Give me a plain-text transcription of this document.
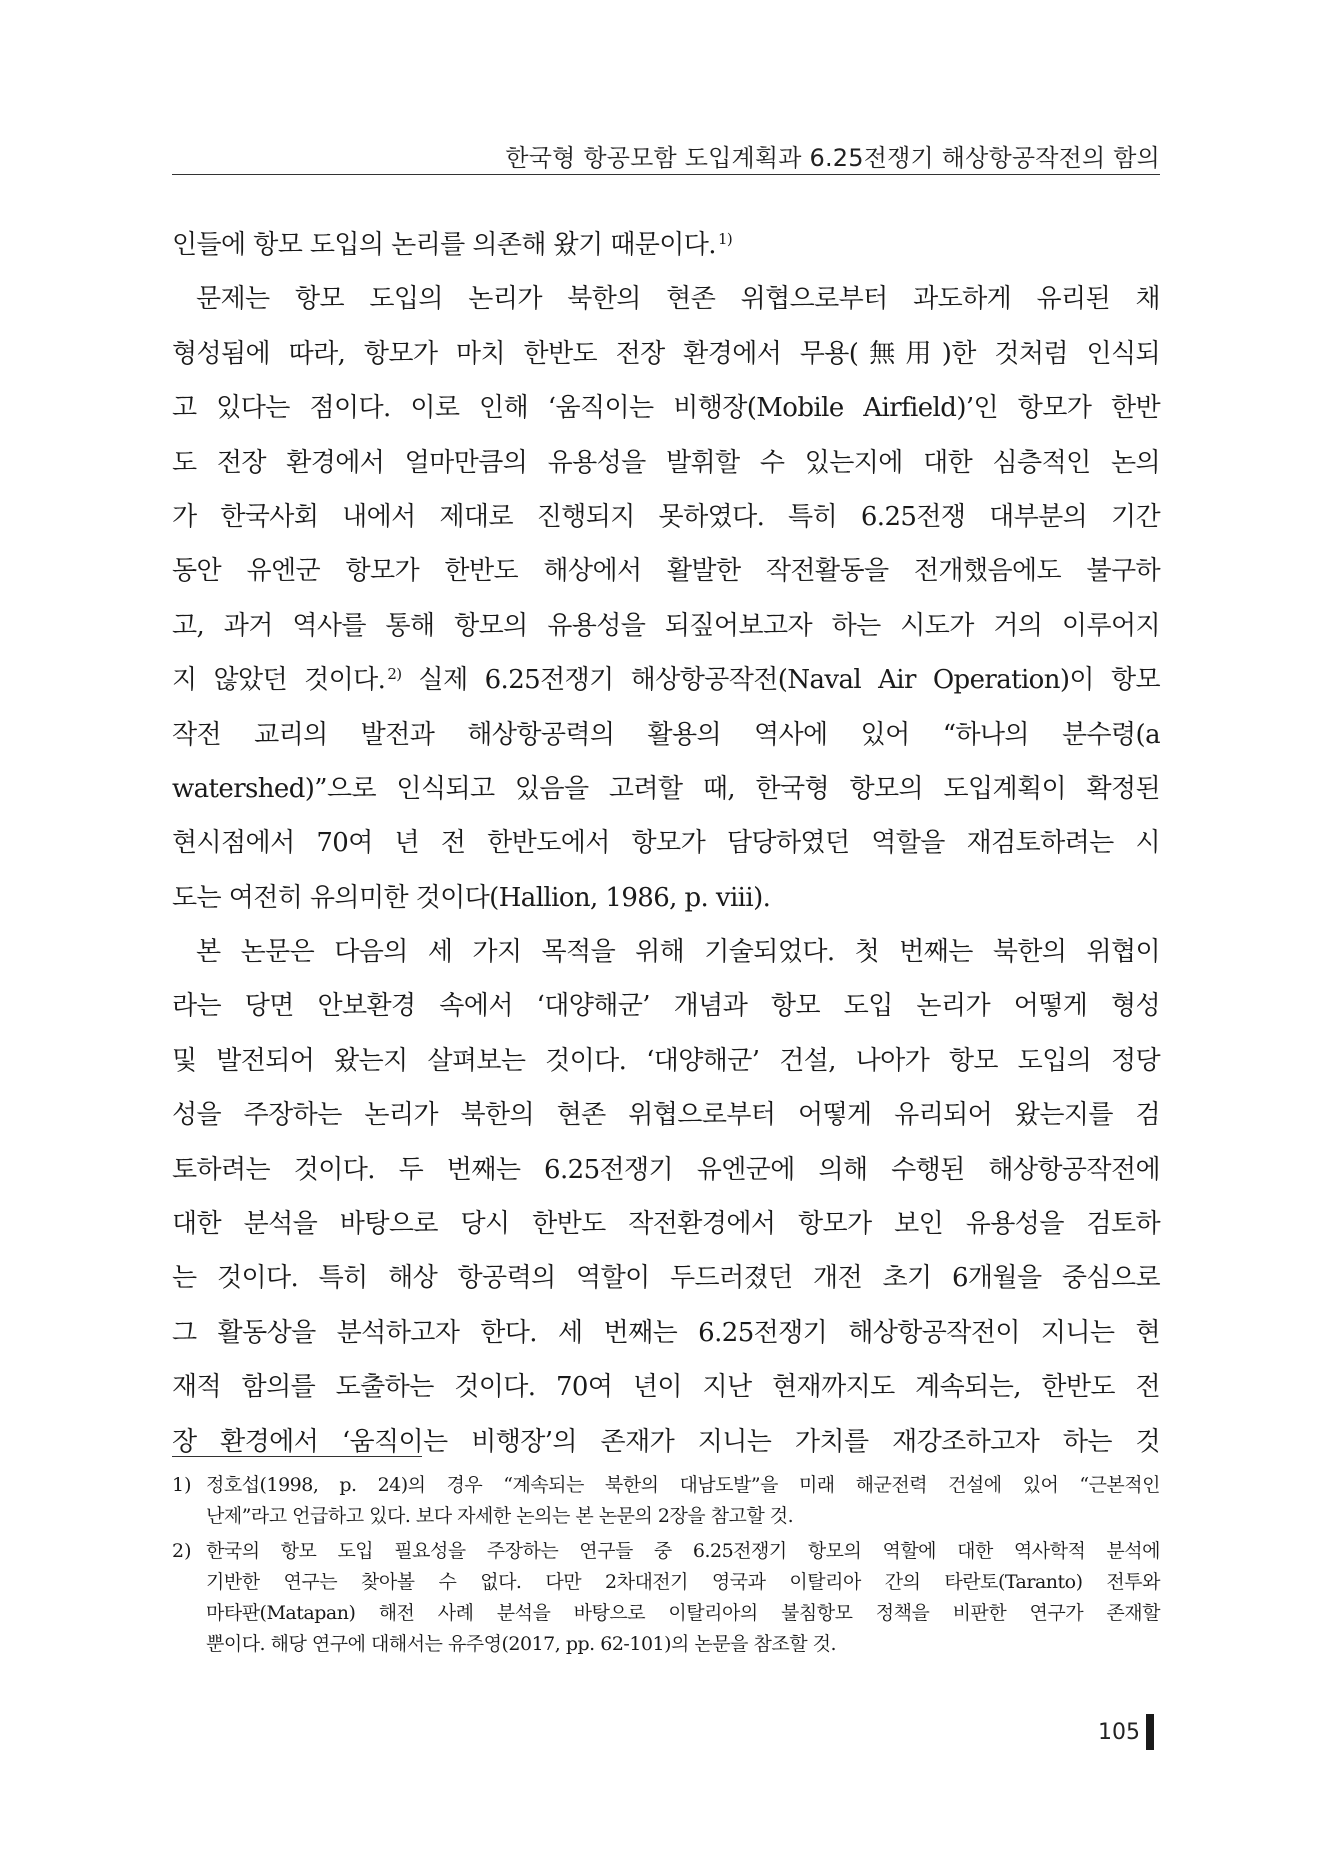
한국형 항공모함 도입계획과 6.25전쟁기 해상항공작전의 함의
인들에 항모 도입의 논리를 의존해 왔기 때문이다. $^{1)}$
문제는 항모 도입의 논리가 북한의 현존 위협으로부터 과도하게 유리된 채
형성됨에 따라, 항모가 마치 한반도 전장 환경에서 무용(無用)한 것처럼 인식되
고 있다는 점이다. 이로 인해 ‘움직이는 비행장(Mobile Airfield)’인 항모가 한반
도 전장 환경에서 얼마만큼의 유용성을 발휘할 수 있는지에 대한 심층적인 논의
가 한국사회 내에서 제대로 진행되지 못하였다. 특히 6.25전쟁 대부분의 기간
동안 유엔군 항모가 한반도 해상에서 활발한 작전활동을 전개했음에도 불구하
고, 과거 역사를 통해 항모의 유용성을 되짚어보고자 하는 시도가 거의 이루어지
지 않았던 것이다. $^{2)}$ 실제 6.25전쟁기 해상항공작전(Naval Air Operation)이 항모
작전 교리의 발전과 해상항공력의 활용의 역사에 있어 “하나의 분수령(a
watershed)”으로 인식되고 있음을 고려할 때, 한국형 항모의 도입계획이 확정된
현시점에서 70여 년 전 한반도에서 항모가 담당하였던 역할을 재검토하려는 시
도는 여전히 유의미한 것이다(Hallion, 1986, p. viii).
본 논문은 다음의 세 가지 목적을 위해 기술되었다. 첫 번째는 북한의 위협이
라는 당면 안보환경 속에서 ‘대양해군’ 개념과 항모 도입 논리가 어떻게 형성
및 발전되어 왔는지 살펴보는 것이다. ‘대양해군’ 건설, 나아가 항모 도입의 정당
성을 주장하는 논리가 북한의 현존 위협으로부터 어떻게 유리되어 왔는지를 검
토하려는 것이다. 두 번째는 6.25전쟁기 유엔군에 의해 수행된 해상항공작전에
대한 분석을 바탕으로 당시 한반도 작전환경에서 항모가 보인 유용성을 검토하
는 것이다. 특히 해상 항공력의 역할이 두드러졌던 개전 초기 6개월을 중심으로
그 활동상을 분석하고자 한다. 세 번째는 6.25전쟁기 해상항공작전이 지니는 현
재적 함의를 도출하는 것이다. 70여 년이 지난 현재까지도 계속되는, 한반도 전
장 환경에서 ‘움직이는 비행장’의 존재가 지니는 가치를 재강조하고자 하는 것
1) 정호섭(1998, p. 24)의 경우 “계속되는 북한의 대남도발”을 미래 해군전력 건설에 있어 “근본적인
난제”라고 언급하고 있다. 보다 자세한 논의는 본 논문의 2장을 참고할 것.
2) 한국의 항모 도입 필요성을 주장하는 연구들 중 6.25전쟁기 항모의 역할에 대한 역사학적 분석에
기반한 연구는 찾아볼 수 없다. 다만 2차대전기 영국과 이탈리아 간의 타란토(Taranto) 전투와
마타판(Matapan) 해전 사례 분석을 바탕으로 이탈리아의 불침항모 정책을 비판한 연구가 존재할
뿐이다. 해당 연구에 대해서는 유주영(2017, pp. 62-101)의 논문을 참조할 것.
105
